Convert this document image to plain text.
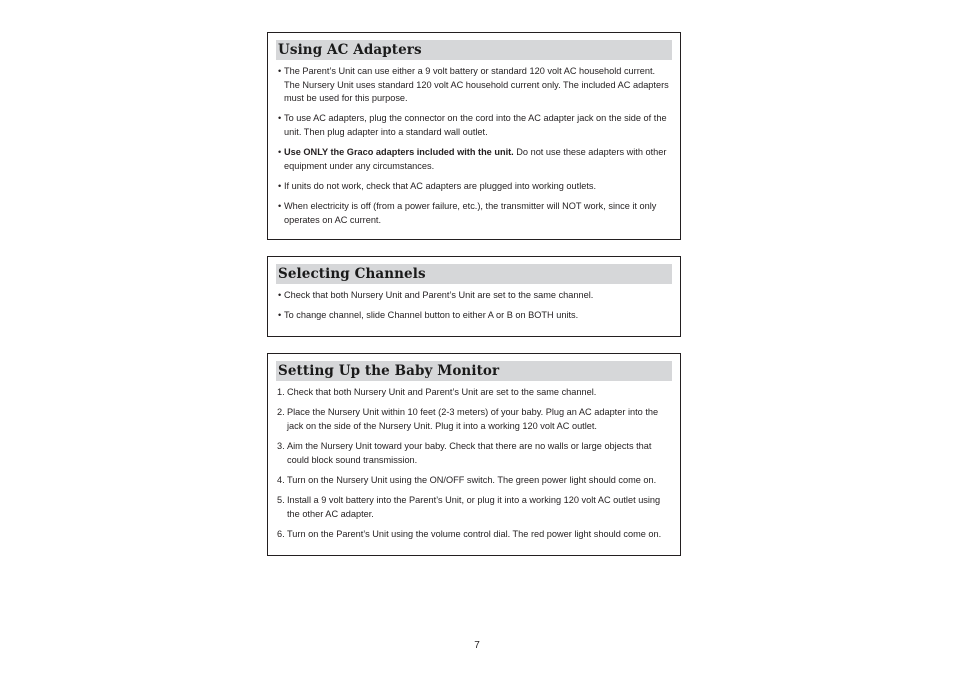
Using AC Adapters
• The Parent’s Unit can use either a 9 volt battery or standard 120 volt AC household current. The Nursery Unit uses standard 120 volt AC household current only. The included AC adapters must be used for this purpose.
• To use AC adapters, plug the connector on the cord into the AC adapter jack on the side of the unit. Then plug adapter into a standard wall outlet.
• Use ONLY the Graco adapters included with the unit. Do not use these adapters with other equipment under any circumstances.
• If units do not work, check that AC adapters are plugged into working outlets.
• When electricity is off (from a power failure, etc.), the transmitter will NOT work, since it only operates on AC current.
Selecting Channels
• Check that both Nursery Unit and Parent’s Unit are set to the same channel.
• To change channel, slide Channel button to either A or B on BOTH units.
Setting Up the Baby Monitor
1. Check that both Nursery Unit and Parent’s Unit are set to the same channel.
2. Place the Nursery Unit within 10 feet (2-3 meters) of your baby. Plug an AC adapter into the jack on the side of the Nursery Unit. Plug it into a working 120 volt AC outlet.
3. Aim the Nursery Unit toward your baby. Check that there are no walls or large objects that could block sound transmission.
4. Turn on the Nursery Unit using the ON/OFF switch. The green power light should come on.
5. Install a 9 volt battery into the Parent’s Unit, or plug it into a working 120 volt AC outlet using the other AC adapter.
6. Turn on the Parent’s Unit using the volume control dial. The red power light should come on.
7
